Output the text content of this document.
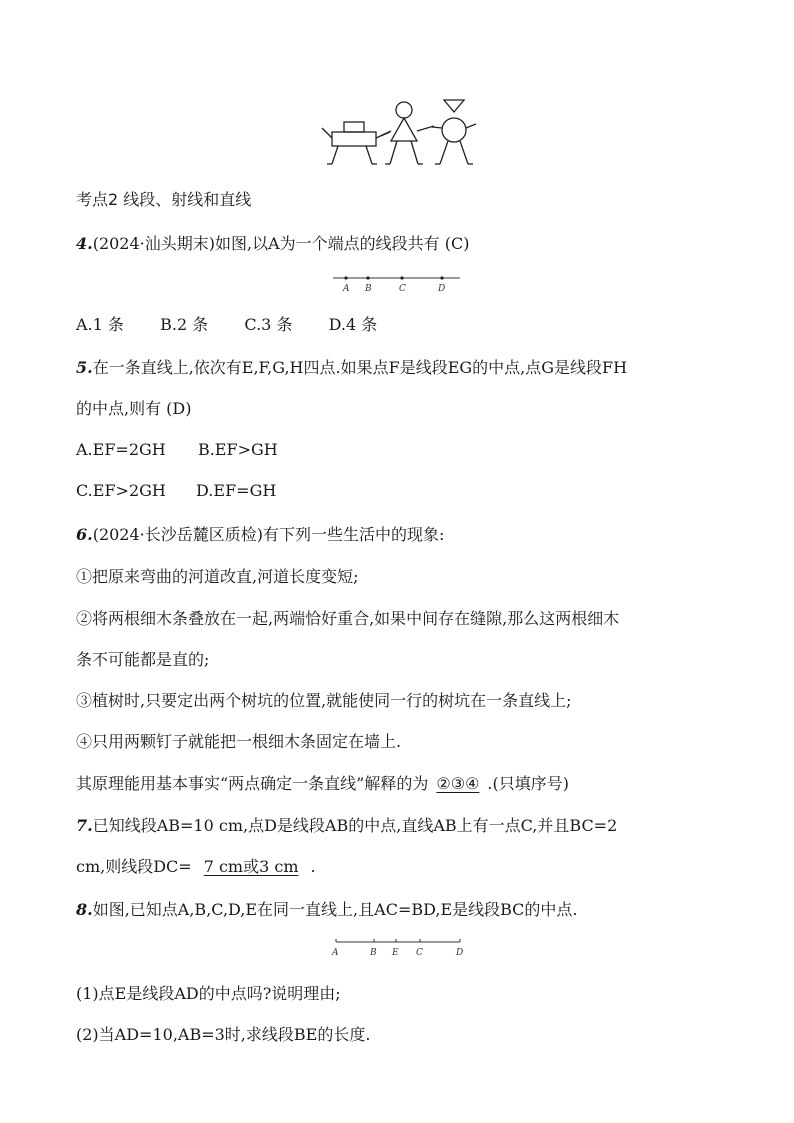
考点2 线段、射线和直线
4.(2024·汕头期末)如图,以A为一个端点的线段共有 (C)
A B	C	D
A.1 条 B.2 条 C.3 条 D.4 条
5.在一条直线上,依次有E,F,G,H四点.如果点F是线段EG的中点,点G是线段FH
的中点,则有 (D)
A.EF=2GH B.EF>GH
C.EF>2GH D.EF=GH
6.(2024·长沙岳麓区质检)有下列一些生活中的现象:
①把原来弯曲的河道改直,河道长度变短;
②将两根细木条叠放在一起,两端恰好重合,如果中间存在缝隙,那么这两根细木
条不可能都是直的;
③植树时,只要定出两个树坑的位置,就能使同一行的树坑在一条直线上;
④只用两颗钉子就能把一根细木条固定在墙上.
其原理能用基本事实“两点确定一条直线”解释的为 ②③④ .(只填序号)
7.已知线段AB=10 cm,点D是线段AB的中点,直线AB上有一点C,并且BC=2
cm,则线段DC= 7 cm或3 cm .
8.如图,已知点A,B,C,D,E在同一直线上,且AC=BD,E是线段BC的中点.
A	B E C	D
(1)点E是线段AD的中点吗?说明理由;
(2)当AD=10,AB=3时,求线段BE的长度.
